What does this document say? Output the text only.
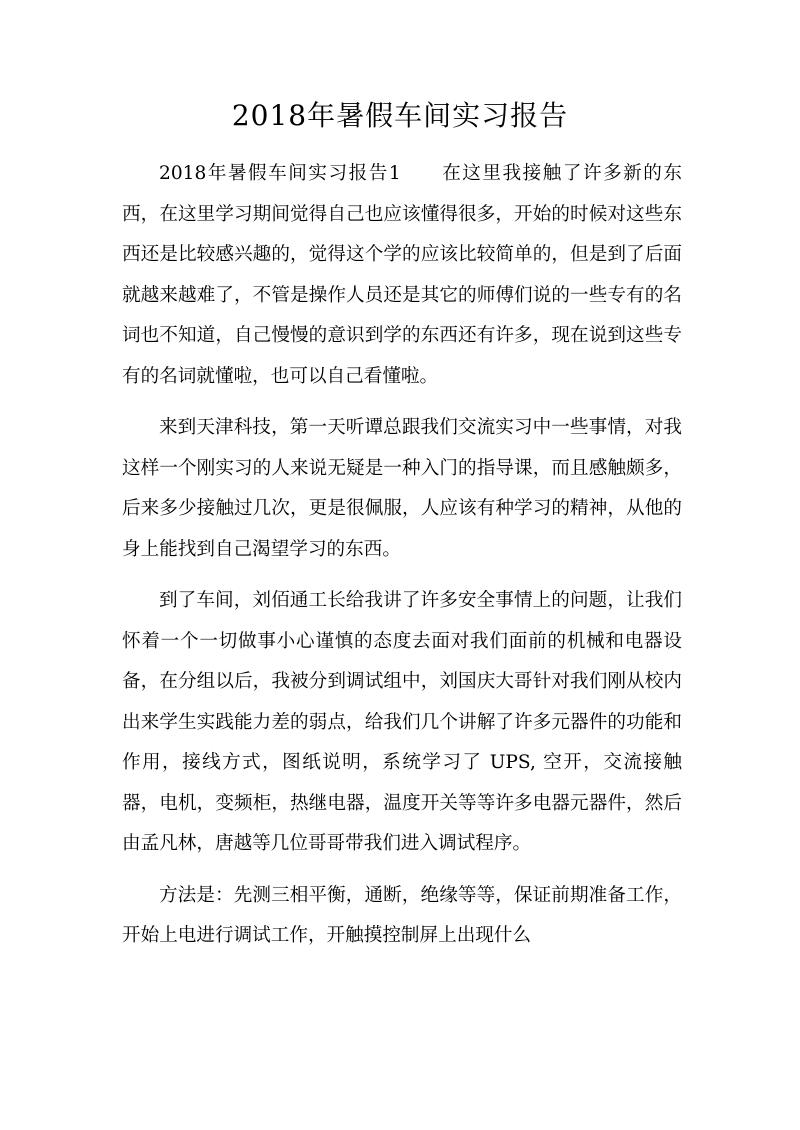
2018年暑假车间实习报告

2018年暑假车间实习报告1 在这里我接触了许多新的东西，在这里学习期间觉得自己也应该懂得很多，开始的时候对这些东西还是比较感兴趣的，觉得这个学的应该比较简单的，但是到了后面就越来越难了，不管是操作人员还是其它的师傅们说的一些专有的名词也不知道，自己慢慢的意识到学的东西还有许多，现在说到这些专有的名词就懂啦，也可以自己看懂啦。

来到天津科技，第一天听谭总跟我们交流实习中一些事情，对我这样一个刚实习的人来说无疑是一种入门的指导课，而且感触颇多，后来多少接触过几次，更是很佩服，人应该有种学习的精神，从他的身上能找到自己渴望学习的东西。

到了车间，刘佰通工长给我讲了许多安全事情上的问题，让我们怀着一个一切做事小心谨慎的态度去面对我们面前的机械和电器设备，在分组以后，我被分到调试组中，刘国庆大哥针对我们刚从校内出来学生实践能力差的弱点，给我们几个讲解了许多元器件的功能和作用，接线方式，图纸说明，系统学习了 UPS, 空开，交流接触器，电机，变频柜，热继电器，温度开关等等许多电器元器件，然后由孟凡林，唐越等几位哥哥带我们进入调试程序。

方法是：先测三相平衡，通断，绝缘等等，保证前期准备工作，开始上电进行调试工作，开触摸控制屏上出现什么
